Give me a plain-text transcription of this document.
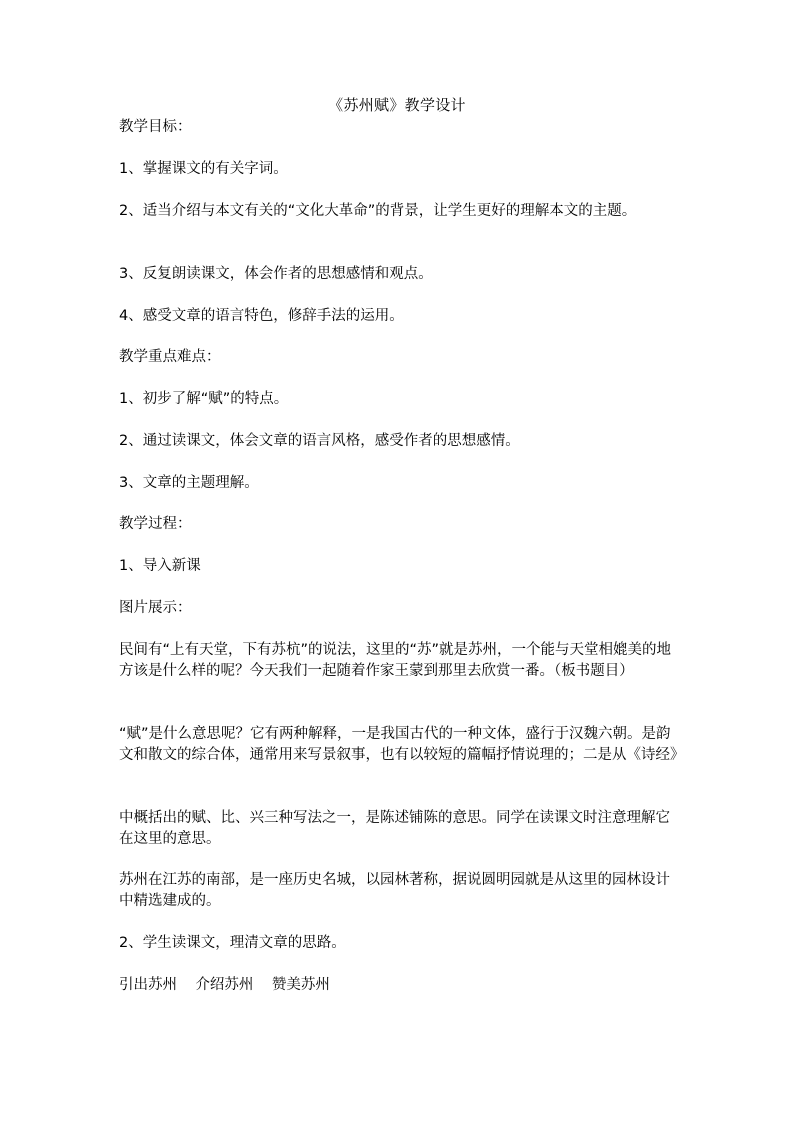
《苏州赋》教学设计

教学目标：

1、掌握课文的有关字词。

2、适当介绍与本文有关的“文化大革命”的背景，让学生更好的理解本文的主题。

3、反复朗读课文，体会作者的思想感情和观点。

4、感受文章的语言特色，修辞手法的运用。

教学重点难点：

1、初步了解“赋”的特点。

2、通过读课文，体会文章的语言风格，感受作者的思想感情。

3、文章的主题理解。

教学过程：

1、导入新课

图片展示：

民间有“上有天堂，下有苏杭”的说法，这里的“苏”就是苏州，一个能与天堂相媲美的地方该是什么样的呢？今天我们一起随着作家王蒙到那里去欣赏一番。（板书题目）

“赋”是什么意思呢？它有两种解释，一是我国古代的一种文体，盛行于汉魏六朝。是韵文和散文的综合体，通常用来写景叙事，也有以较短的篇幅抒情说理的；二是从《诗经》

中概括出的赋、比、兴三种写法之一，是陈述铺陈的意思。同学在读课文时注意理解它在这里的意思。

苏州在江苏的南部，是一座历史名城，以园林著称，据说圆明园就是从这里的园林设计中精选建成的。

2、学生读课文，理清文章的思路。

引出苏州 介绍苏州 赞美苏州
